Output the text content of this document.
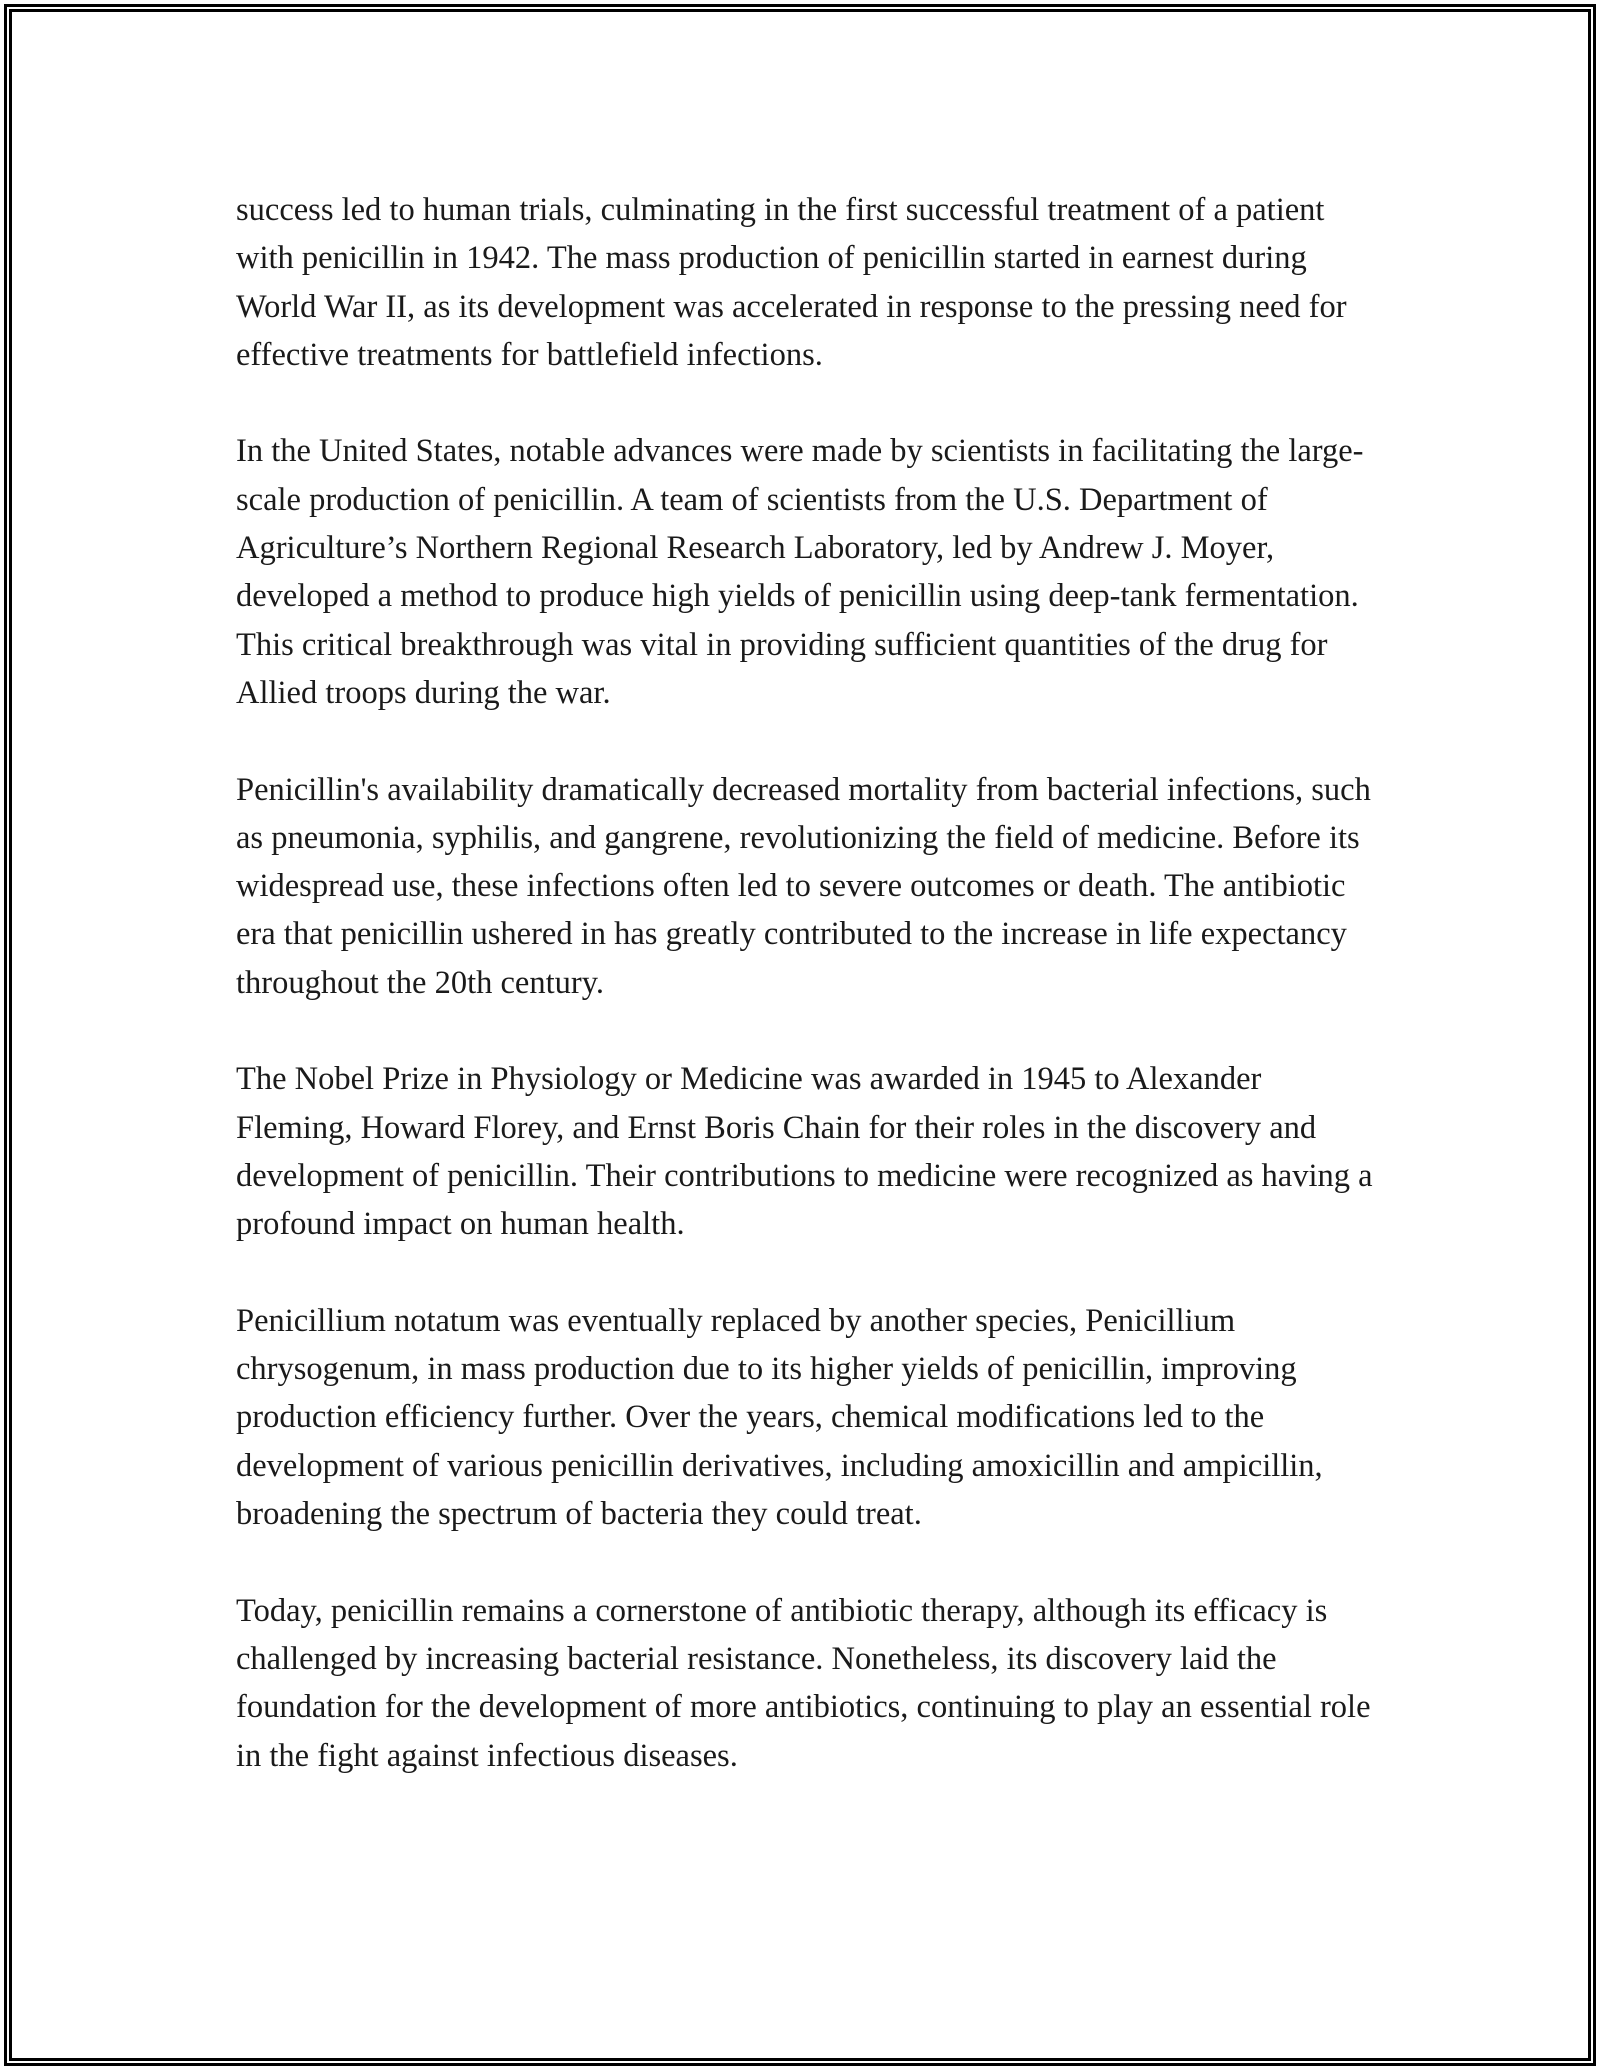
success led to human trials, culminating in the first successful treatment of a patient with penicillin in 1942. The mass production of penicillin started in earnest during World War II, as its development was accelerated in response to the pressing need for effective treatments for battlefield infections.

In the United States, notable advances were made by scientists in facilitating the large-scale production of penicillin. A team of scientists from the U.S. Department of Agriculture’s Northern Regional Research Laboratory, led by Andrew J. Moyer, developed a method to produce high yields of penicillin using deep-tank fermentation. This critical breakthrough was vital in providing sufficient quantities of the drug for Allied troops during the war.

Penicillin's availability dramatically decreased mortality from bacterial infections, such as pneumonia, syphilis, and gangrene, revolutionizing the field of medicine. Before its widespread use, these infections often led to severe outcomes or death. The antibiotic era that penicillin ushered in has greatly contributed to the increase in life expectancy throughout the 20th century.

The Nobel Prize in Physiology or Medicine was awarded in 1945 to Alexander Fleming, Howard Florey, and Ernst Boris Chain for their roles in the discovery and development of penicillin. Their contributions to medicine were recognized as having a profound impact on human health.

Penicillium notatum was eventually replaced by another species, Penicillium chrysogenum, in mass production due to its higher yields of penicillin, improving production efficiency further. Over the years, chemical modifications led to the development of various penicillin derivatives, including amoxicillin and ampicillin, broadening the spectrum of bacteria they could treat.

Today, penicillin remains a cornerstone of antibiotic therapy, although its efficacy is challenged by increasing bacterial resistance. Nonetheless, its discovery laid the foundation for the development of more antibiotics, continuing to play an essential role in the fight against infectious diseases.
